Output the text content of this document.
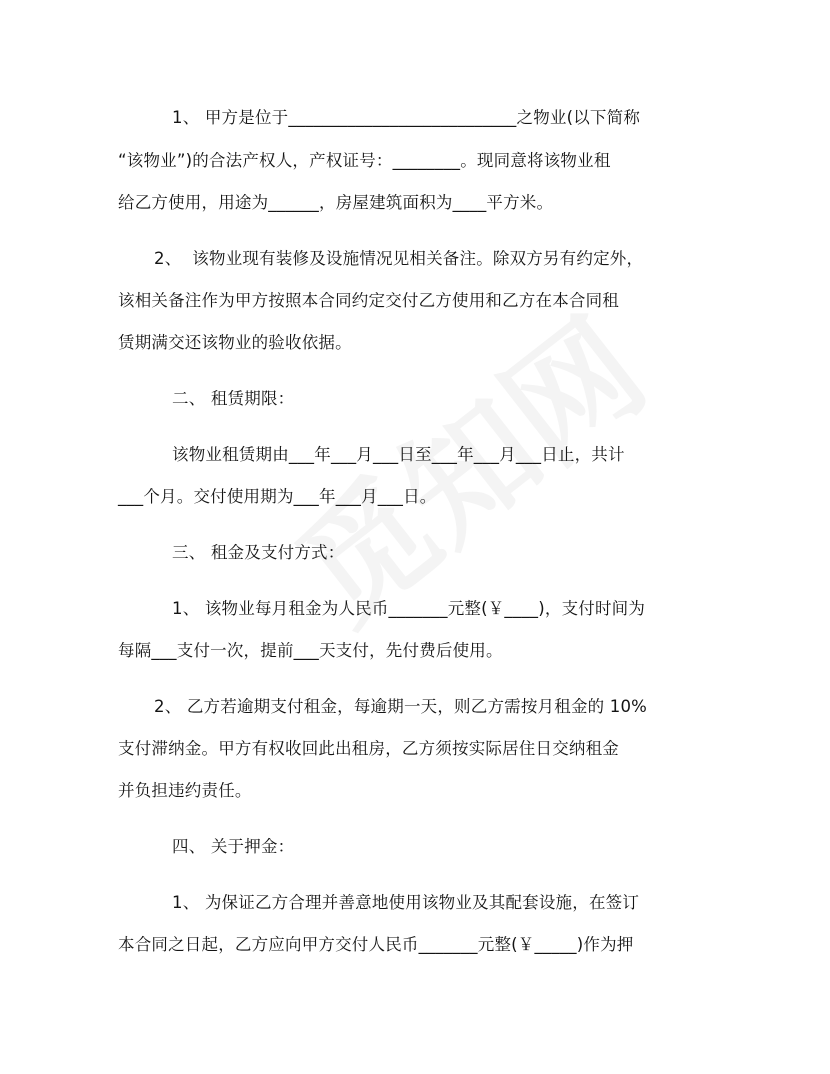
1、 甲方是位于___________________________之物业(以下简称
“该物业”)的合法产权人，产权证号：________。现同意将该物业租
给乙方使用，用途为______，房屋建筑面积为____平方米。
2、  该物业现有装修及设施情况见相关备注。除双方另有约定外，
该相关备注作为甲方按照本合同约定交付乙方使用和乙方在本合同租
赁期满交还该物业的验收依据。
二、 租赁期限：
该物业租赁期由___年___月___日至___年___月___日止，共计
___个月。交付使用期为___年___月___日。
三、 租金及支付方式：
1、 该物业每月租金为人民币_______元整(￥____)，支付时间为
每隔___支付一次，提前___天支付，先付费后使用。
2、 乙方若逾期支付租金，每逾期一天，则乙方需按月租金的 10%
支付滞纳金。甲方有权收回此出租房，乙方须按实际居住日交纳租金
并负担违约责任。
四、 关于押金：
1、 为保证乙方合理并善意地使用该物业及其配套设施，在签订
本合同之日起，乙方应向甲方交付人民币_______元整(￥_____)作为押
